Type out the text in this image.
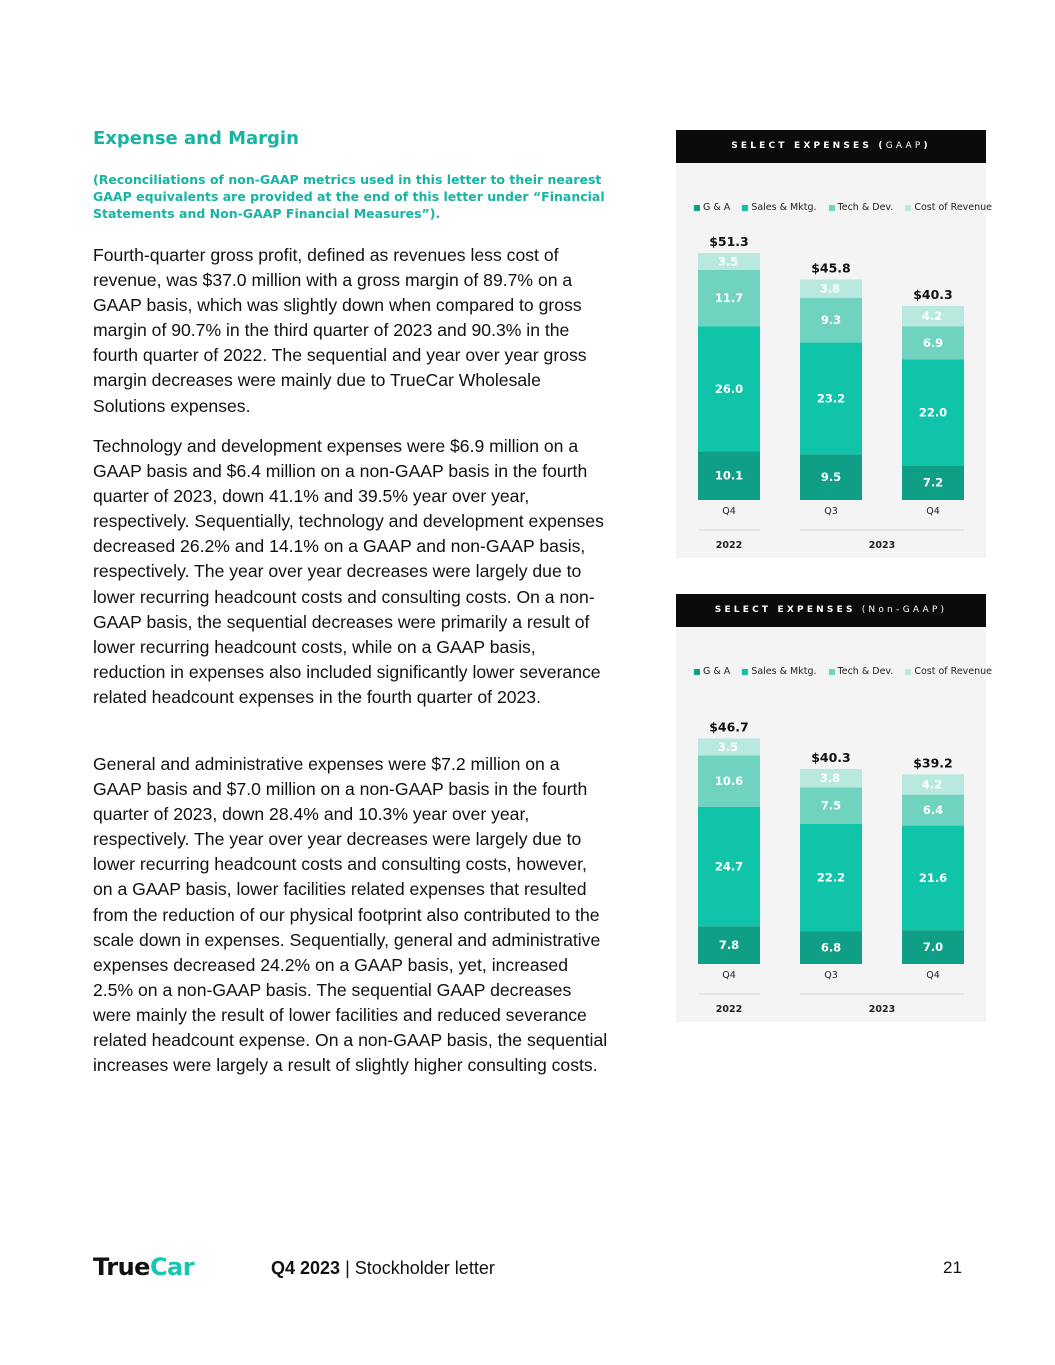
Expense and Margin

(Reconciliations of non-GAAP metrics used in this letter to their nearest GAAP equivalents are provided at the end of this letter under “Financial Statements and Non-GAAP Financial Measures”).

Fourth-quarter gross profit, defined as revenues less cost of revenue, was $37.0 million with a gross margin of 89.7% on a GAAP basis, which was slightly down when compared to gross margin of 90.7% in the third quarter of 2023 and 90.3% in the fourth quarter of 2022. The sequential and year over year gross margin decreases were mainly due to TrueCar Wholesale Solutions expenses.

Technology and development expenses were $6.9 million on a GAAP basis and $6.4 million on a non-GAAP basis in the fourth quarter of 2023, down 41.1% and 39.5% year over year, respectively. Sequentially, technology and development expenses decreased 26.2% and 14.1% on a GAAP and non-GAAP basis, respectively. The year over year decreases were largely due to lower recurring headcount costs and consulting costs. On a non-GAAP basis, the sequential decreases were primarily a result of lower recurring headcount costs, while on a GAAP basis, reduction in expenses also included significantly lower severance related headcount expenses in the fourth quarter of 2023.

General and administrative expenses were $7.2 million on a GAAP basis and $7.0 million on a non-GAAP basis in the fourth quarter of 2023, down 28.4% and 10.3% year over year, respectively. The year over year decreases were largely due to lower recurring headcount costs and consulting costs, however, on a GAAP basis, lower facilities related expenses that resulted from the reduction of our physical footprint also contributed to the scale down in expenses. Sequentially, general and administrative expenses decreased 24.2% on a GAAP basis, yet, increased 2.5% on a non-GAAP basis. The sequential GAAP decreases were mainly the result of lower facilities and reduced severance related headcount expense. On a non-GAAP basis, the sequential increases were largely a result of slightly higher consulting costs.

SELECT EXPENSES (GAAP)
G & A Sales & Mktg. Tech & Dev. Cost of Revenue
10.1
26.0
11.7
3.5
$51.3
Q4
9.5
23.2
9.3
3.8
$45.8
Q3
7.2
22.0
6.9
4.2
$40.3
Q4
2022	2023
SELECT EXPENSES (Non-GAAP)
G & A Sales & Mktg. Tech & Dev. Cost of Revenue
7.8
24.7
10.6
3.5
$46.7
Q4
6.8
22.2
7.5
3.8
$40.3
Q3
7.0
21.6
6.4
4.2
$39.2
Q4
2022	2023
TrueCar	Q4 2023 | Stockholder letter	21
